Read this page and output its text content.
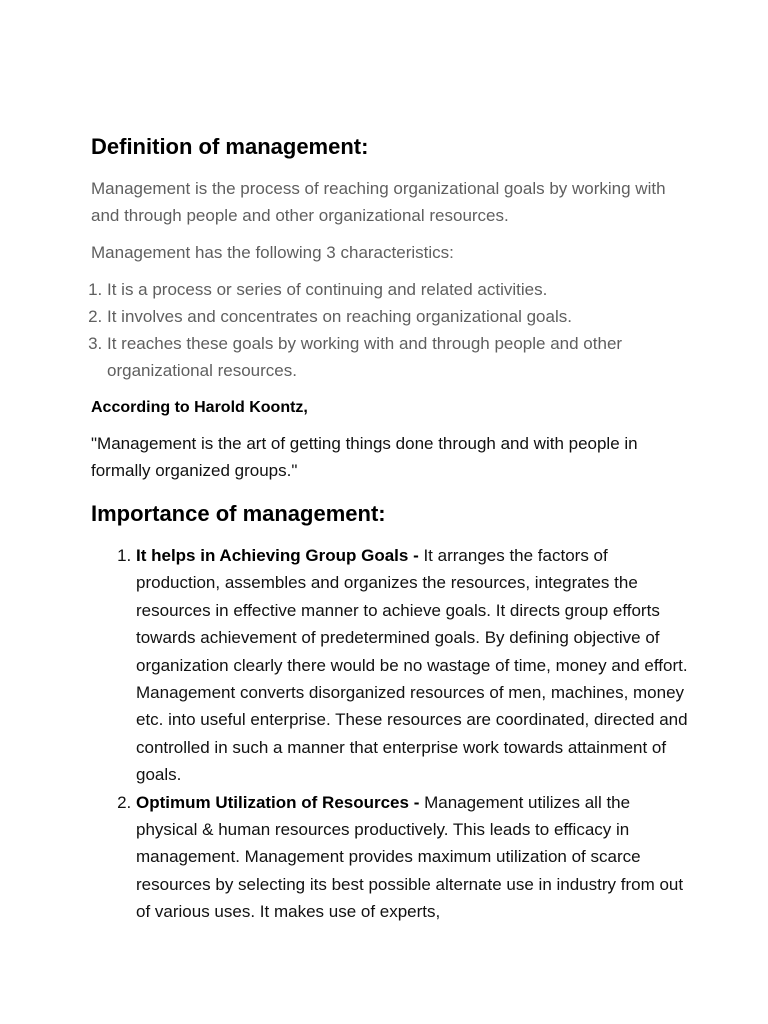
Definition of management:

Management is the process of reaching organizational goals by working with and through people and other organizational resources.

Management has the following 3 characteristics:

1. It is a process or series of continuing and related activities.
2. It involves and concentrates on reaching organizational goals.
3. It reaches these goals by working with and through people and other organizational resources.
According to Harold Koontz,

"Management is the art of getting things done through and with people in formally organized groups."

Importance of management:
1. It helps in Achieving Group Goals - It arranges the factors of production, assembles and organizes the resources, integrates the resources in effective manner to achieve goals. It directs group efforts towards achievement of predetermined goals. By defining objective of organization clearly there would be no wastage of time, money and effort. Management converts disorganized resources of men, machines, money etc. into useful enterprise. These resources are coordinated, directed and controlled in such a manner that enterprise work towards attainment of goals.
2. Optimum Utilization of Resources - Management utilizes all the physical & human resources productively. This leads to efficacy in management. Management provides maximum utilization of scarce resources by selecting its best possible alternate use in industry from out of various uses. It makes use of experts,
